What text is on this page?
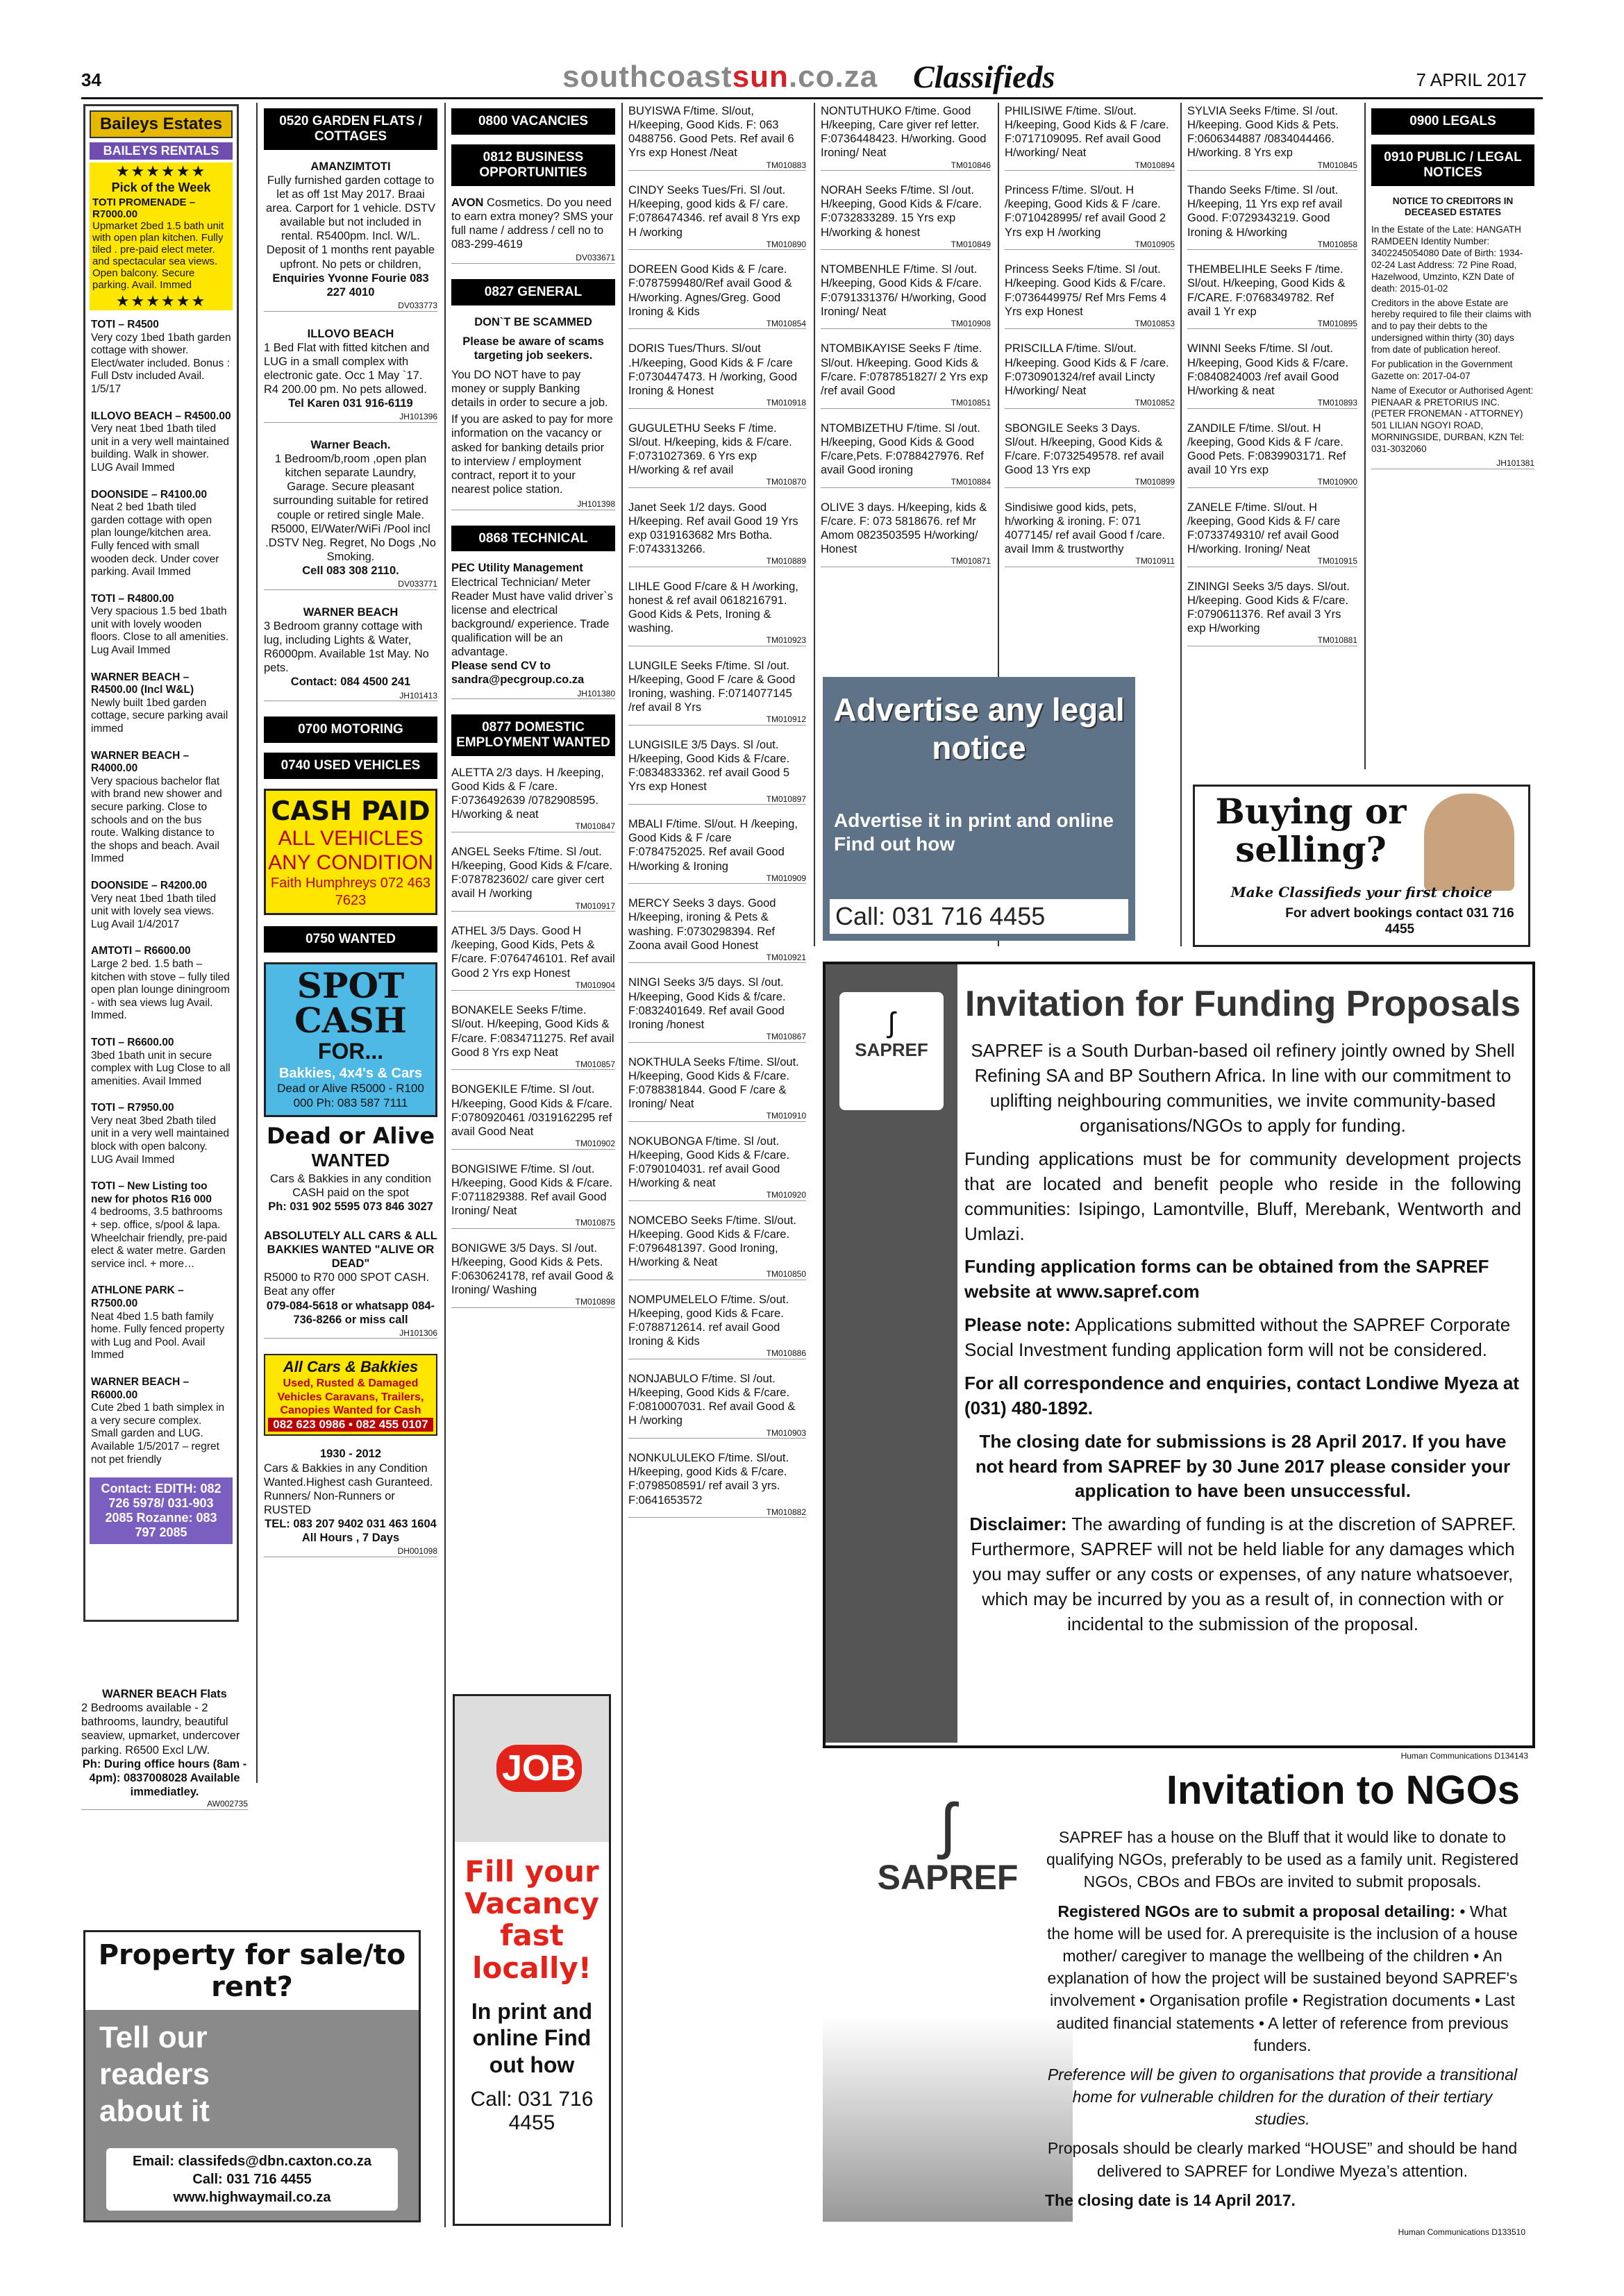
34	southcoastsun.co.za Classifieds	7 APRIL 2017
Baileys Estates
BAILEYS RENTALS
★★★★★★
Pick of the Week
TOTI PROMENADE – R7000.00
Upmarket 2bed 1.5 bath unit with open plan kitchen. Fully tiled . pre-paid elect meter. and spectacular sea views. Open balcony. Secure parking. Avail. Immed
★★★★★★
TOTI – R4500
Very cozy 1bed 1bath garden cottage with shower. Elect/water included. Bonus : Full Dstv included Avail. 1/5/17
ILLOVO BEACH – R4500.00
Very neat 1bed 1bath tiled unit in a very well maintained building. Walk in shower. LUG Avail Immed
DOONSIDE – R4100.00
Neat 2 bed 1bath tiled garden cottage with open plan lounge/kitchen area. Fully fenced with small wooden deck. Under cover parking. Avail Immed
TOTI – R4800.00
Very spacious 1.5 bed 1bath unit with lovely wooden floors. Close to all amenities. Lug Avail Immed
WARNER BEACH – R4500.00 (Incl W&L)
Newly built 1bed garden cottage, secure parking avail immed
WARNER BEACH – R4000.00
Very spacious bachelor flat with brand new shower and secure parking. Close to schools and on the bus route. Walking distance to the shops and beach. Avail Immed
DOONSIDE – R4200.00
Very neat 1bed 1bath tiled unit with lovely sea views. Lug Avail 1/4/2017
AMTOTI – R6600.00
Large 2 bed. 1.5 bath – kitchen with stove – fully tiled open plan lounge diningroom - with sea views lug Avail. Immed.
TOTI – R6600.00
3bed 1bath unit in secure complex with Lug Close to all amenities. Avail Immed
TOTI – R7950.00
Very neat 3bed 2bath tiled unit in a very well maintained block with open balcony. LUG Avail Immed
TOTI – New Listing too new for photos R16 000
4 bedrooms, 3.5 bathrooms + sep. office, s/pool & lapa. Wheelchair friendly, pre-paid elect & water metre. Garden service incl. + more…
ATHLONE PARK – R7500.00
Neat 4bed 1.5 bath family home. Fully fenced property with Lug and Pool. Avail Immed
WARNER BEACH – R6000.00
Cute 2bed 1 bath simplex in a very secure complex. Small garden and LUG. Available 1/5/2017 – regret not pet friendly
Contact: EDITH: 082 726 5978/ 031-903 2085 Rozanne: 083 797 2085
WARNER BEACH Flats
2 Bedrooms available - 2 bathrooms, laundry, beautiful seaview, upmarket, undercover parking. R6500 Excl L/W.
Ph: During office hours (8am - 4pm): 0837008028 Available immediatley.
AW002735
Property for sale/to rent?
Tell our readers about it
Email: classifeds@dbn.caxton.co.za
Call: 031 716 4455
www.highwaymail.co.za
0520 GARDEN FLATS / COTTAGES
AMANZIMTOTI
Fully furnished garden cottage to let as off 1st May 2017. Braai area. Carport for 1 vehicle. DSTV available but not included in rental. R5400pm. Incl. W/L. Deposit of 1 months rent payable upfront. No pets or children,
Enquiries Yvonne Fourie 083 227 4010
DV033773
ILLOVO BEACH
1 Bed Flat with fitted kitchen and LUG in a small complex with electronic gate. Occ 1 May `17. R4 200.00 pm. No pets allowed.
Tel Karen 031 916-6119
JH101396
Warner Beach.
1 Bedroom/b,room ,open plan kitchen separate Laundry, Garage. Secure pleasant surrounding suitable for retired couple or retired single Male. R5000, El/Water/WiFi /Pool incl .DSTV Neg. Regret, No Dogs ,No Smoking.
Cell 083 308 2110.
DV033771
WARNER BEACH
3 Bedroom granny cottage with lug, including Lights & Water, R6000pm. Available 1st May. No pets.
Contact: 084 4500 241
JH101413
0700 MOTORING
0740 USED VEHICLES
CASH PAID
ALL VEHICLES ANY CONDITION
Faith Humphreys 072 463 7623
0750 WANTED
SPOT CASH
FOR...
Bakkies, 4x4's & Cars
Dead or Alive R5000 - R100 000 Ph: 083 587 7111
Dead or Alive
WANTED
Cars & Bakkies in any condition CASH paid on the spot
Ph: 031 902 5595 073 846 3027
ABSOLUTELY ALL CARS & ALL BAKKIES WANTED "ALIVE OR DEAD"
R5000 to R70 000 SPOT CASH. Beat any offer
079-084-5618 or whatsapp 084-736-8266 or miss call
JH101306
All Cars & Bakkies
Used, Rusted & Damaged Vehicles Caravans, Trailers, Canopies Wanted for Cash
082 623 0986 • 082 455 0107
1930 - 2012
Cars & Bakkies in any Condition Wanted.Highest cash Guranteed. Runners/ Non-Runners or RUSTED
TEL: 083 207 9402 031 463 1604 All Hours , 7 Days
DH001098
0800 VACANCIES
0812 BUSINESS OPPORTUNITIES
AVON Cosmetics. Do you need to earn extra money? SMS your full name / address / cell no to 083-299-4619
DV033671
0827 GENERAL
DON`T BE SCAMMED
Please be aware of scams targeting job seekers.

You DO NOT have to pay money or supply Banking details in order to secure a job.

If you are asked to pay for more information on the vacancy or asked for banking details prior to interview / employment contract, report it to your nearest police station.

JH101398
0868 TECHNICAL
PEC Utility Management
Electrical Technician/ Meter Reader Must have valid driver`s license and electrical background/ experience. Trade qualification will be an advantage.
Please send CV to sandra@pecgroup.co.za
JH101380
0877 DOMESTIC EMPLOYMENT WANTED
ALETTA 2/3 days. H /keeping, Good Kids & F /care. F:0736492639 /0782908595. H/working & neat
TM010847
ANGEL Seeks F/time. Sl /out. H/keeping, Good Kids & F/care. F:0787823602/ care giver cert avail H /working
TM010917
ATHEL 3/5 Days. Good H /keeping, Good Kids, Pets & F/care. F:0764746101. Ref avail Good 2 Yrs exp Honest
TM010904
BONAKELE Seeks F/time. Sl/out. H/keeping, Good Kids & F/care. F:0834711275. Ref avail Good 8 Yrs exp Neat
TM010857
BONGEKILE F/time. Sl /out. H/keeping, Good Kids & F/care. F:0780920461 /0319162295 ref avail Good Neat
TM010902
BONGISIWE F/time. Sl /out. H/keeping, Good Kids & F/care. F:0711829388. Ref avail Good Ironing/ Neat
TM010875
BONIGWE 3/5 Days. Sl /out. H/keeping, Good Kids & Pets. F:0630624178, ref avail Good & Ironing/ Washing
TM010898
JOB
Fill your Vacancy fast locally!
In print and online Find out how
Call: 031 716 4455
BUYISWA F/time. Sl/out, H/keeping, Good Kids. F: 063 0488756. Good Pets. Ref avail 6 Yrs exp Honest /Neat
TM010883
CINDY Seeks Tues/Fri. Sl /out. H/keeping, good kids & F/ care. F:0786474346. ref avail 8 Yrs exp H /working
TM010890
DOREEN Good Kids & F /care. F:0787599480/Ref avail Good & H/working. Agnes/Greg. Good Ironing & Kids
TM010854
DORIS Tues/Thurs. Sl/out .H/keeping, Good Kids & F /care F:0730447473. H /working, Good Ironing & Honest
TM010918
GUGULETHU Seeks F /time. Sl/out. H/keeping, kids & F/care. F:0731027369. 6 Yrs exp H/working & ref avail
TM010870
Janet Seek 1/2 days. Good H/keeping. Ref avail Good 19 Yrs exp 0319163682 Mrs Botha. F:0743313266.
TM010889
LIHLE Good F/care & H /working, honest & ref avail 0618216791. Good Kids & Pets, Ironing & washing.
TM010923
LUNGILE Seeks F/time. Sl /out. H/keeping, Good F /care & Good Ironing, washing. F:0714077145 /ref avail 8 Yrs
TM010912
LUNGISILE 3/5 Days. Sl /out. H/keeping, Good Kids & F/care. F:0834833362. ref avail Good 5 Yrs exp Honest
TM010897
MBALI F/time. Sl/out. H /keeping, Good Kids & F /care F:0784752025. Ref avail Good H/working & Ironing
TM010909
MERCY Seeks 3 days. Good H/keeping, ironing & Pets & washing. F:0730298394. Ref Zoona avail Good Honest
TM010921
NINGI Seeks 3/5 days. Sl /out. H/keeping, Good Kids & f/care. F:0832401649. Ref avail Good Ironing /honest
TM010867
NOKTHULA Seeks F/time. Sl/out. H/keeping, Good Kids & F/care. F:0788381844. Good F /care & Ironing/ Neat
TM010910
NOKUBONGA F/time. Sl /out. H/keeping, Good Kids & F/care. F:0790104031. ref avail Good H/working & neat
TM010920
NOMCEBO Seeks F/time. Sl/out. H/keeping. Good Kids & F/care. F:0796481397. Good Ironing, H/working & Neat
TM010850
NOMPUMELELO F/time. S/out. H/keeping, good Kids & Fcare. F:0788712614. ref avail Good Ironing & Kids
TM010886
NONJABULO F/time. Sl /out. H/keeping, Good Kids & F/care. F:0810007031. Ref avail Good & H /working
TM010903
NONKULULEKO F/time. Sl/out. H/keeping, good Kids & F/care. F:0798508591/ ref avail 3 yrs. F:0641653572
TM010882
NONTUTHUKO F/time. Good H/keeping, Care giver ref letter. F:0736448423. H/working. Good Ironing/ Neat
TM010846
NORAH Seeks F/time. Sl /out. H/keeping, Good Kids & F/care. F:0732833289. 15 Yrs exp H/working & honest
TM010849
NTOMBENHLE F/time. Sl /out. H/keeping, Good Kids & F/care. F:0791331376/ H/working, Good Ironing/ Neat
TM010908
NTOMBIKAYISE Seeks F /time. Sl/out. H/keeping. Good Kids & F/care. F:0787851827/ 2 Yrs exp /ref avail Good
TM010851
NTOMBIZETHU F/time. Sl /out. H/keeping, Good Kids & Good F/care,Pets. F:0788427976. Ref avail Good ironing
TM010884
OLIVE 3 days. H/keeping, kids & F/care. F: 073 5818676. ref Mr Amom 0823503595 H/working/ Honest
TM010871
PHILISIWE F/time. Sl/out. H/keeping, Good Kids & F /care. F:0717109095. Ref avail Good H/working/ Neat
TM010894
Princess F/time. Sl/out. H /keeping, Good Kids & F /care. F:0710428995/ ref avail Good 2 Yrs exp H /working
TM010905
Princess Seeks F/time. Sl /out. H/keeping. Good Kids & F/care. F:0736449975/ Ref Mrs Fems 4 Yrs exp Honest
TM010853
PRISCILLA F/time. Sl/out. H/keeping. Good Kids & F /care. F:0730901324/ref avail Lincty H/working/ Neat
TM010852
SBONGILE Seeks 3 Days. Sl/out. H/keeping, Good Kids & F/care. F:0732549578. ref avail Good 13 Yrs exp
TM010899
Sindisiwe good kids, pets, h/working & ironing. F: 071 4077145/ ref avail Good f /care. avail Imm & trustworthy
TM010911
SYLVIA Seeks F/time. Sl /out. H/keeping. Good Kids & Pets. F:0606344887 /0834044466. H/working. 8 Yrs exp
TM010845
Thando Seeks F/time. Sl /out. H/keeping, 11 Yrs exp ref avail Good. F:0729343219. Good Ironing & H/working
TM010858
THEMBELIHLE Seeks F /time. Sl/out. H/keeping, Good Kids & F/CARE. F:0768349782. Ref avail 1 Yr exp
TM010895
WINNI Seeks F/time. Sl /out. H/keeping, Good Kids & F/care. F:0840824003 /ref avail Good H/working & neat
TM010893
ZANDILE F/time. Sl/out. H /keeping, Good Kids & F /care. Good Pets. F:0839903171. Ref avail 10 Yrs exp
TM010900
ZANELE F/time. Sl/out. H /keeping, Good Kids & F/ care F:0733749310/ ref avail Good H/working. Ironing/ Neat
TM010915
ZININGI Seeks 3/5 days. Sl/out. H/keeping. Good Kids & F/care. F:0790611376. Ref avail 3 Yrs exp H/working
TM010881
0900 LEGALS
0910 PUBLIC / LEGAL NOTICES
NOTICE TO CREDITORS IN DECEASED ESTATES

In the Estate of the Late: HANGATH RAMDEEN Identity Number: 3402245054080 Date of Birth: 1934-02-24 Last Address: 72 Pine Road, Hazelwood, Umzinto, KZN Date of death: 2015-01-02

Creditors in the above Estate are hereby required to file their claims with and to pay their debts to the undersigned within thirty (30) days from date of publication hereof.

For publication in the Government Gazette on: 2017-04-07

Name of Executor or Authorised Agent: PIENAAR & PRETORIUS INC. (PETER FRONEMAN - ATTORNEY) 501 LILIAN NGOYI ROAD, MORNINGSIDE, DURBAN, KZN Tel: 031-3032060

JH101381
Advertise any legal notice
Advertise it in print and online Find out how
Call: 031 716 4455
Buying or selling?
Make Classifieds your first choice
For advert bookings contact 031 716 4455
ʃ
SAPREF
Invitation for Funding Proposals

SAPREF is a South Durban-based oil refinery jointly owned by Shell Refining SA and BP Southern Africa. In line with our commitment to uplifting neighbouring communities, we invite community-based organisations/NGOs to apply for funding.

Funding applications must be for community development projects that are located and benefit people who reside in the following communities: Isipingo, Lamontville, Bluff, Merebank, Wentworth and Umlazi.

Funding application forms can be obtained from the SAPREF website at www.sapref.com

Please note: Applications submitted without the SAPREF Corporate Social Investment funding application form will not be considered.

For all correspondence and enquiries, contact Londiwe Myeza at (031) 480-1892.

The closing date for submissions is 28 April 2017. If you have not heard from SAPREF by 30 June 2017 please consider your application to have been unsuccessful.

Disclaimer: The awarding of funding is at the discretion of SAPREF. Furthermore, SAPREF will not be held liable for any damages which you may suffer or any costs or expenses, of any nature whatsoever, which may be incurred by you as a result of, in connection with or incidental to the submission of the proposal.

Human Communications D134143
ʃ
SAPREF
Invitation to NGOs

SAPREF has a house on the Bluff that it would like to donate to qualifying NGOs, preferably to be used as a family unit. Registered NGOs, CBOs and FBOs are invited to submit proposals.

Registered NGOs are to submit a proposal detailing: • What the home will be used for. A prerequisite is the inclusion of a house mother/ caregiver to manage the wellbeing of the children • An explanation of how the project will be sustained beyond SAPREF's involvement • Organisation profile • Registration documents • Last audited financial statements • A letter of reference from previous funders.

Preference will be given to organisations that provide a transitional home for vulnerable children for the duration of their tertiary studies.

Proposals should be clearly marked “HOUSE” and should be hand delivered to SAPREF for Londiwe Myeza’s attention.

The closing date is 14 April 2017.

Human Communications D133510
